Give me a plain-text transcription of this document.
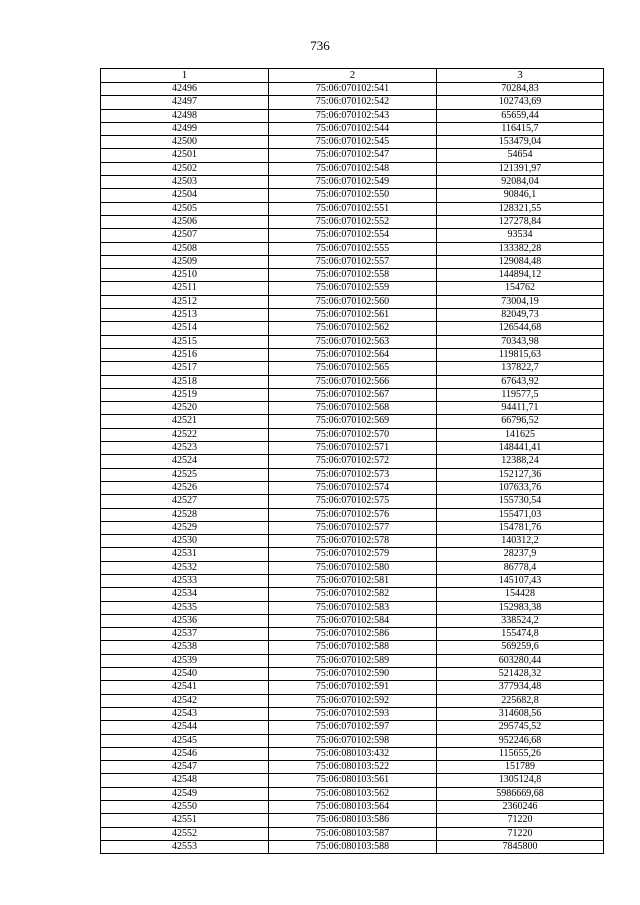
736
1	2	3
42496	75:06:070102:541	70284,83
42497	75:06:070102:542	102743,69
42498	75:06:070102:543	65659,44
42499	75:06:070102:544	116415,7
42500	75:06:070102:545	153479,04
42501	75:06:070102:547	54654
42502	75:06:070102:548	121391,97
42503	75:06:070102:549	92084,04
42504	75:06:070102:550	90846,1
42505	75:06:070102:551	128321,55
42506	75:06:070102:552	127278,84
42507	75:06:070102:554	93534
42508	75:06:070102:555	133382,28
42509	75:06:070102:557	129084,48
42510	75:06:070102:558	144894,12
42511	75:06:070102:559	154762
42512	75:06:070102:560	73004,19
42513	75:06:070102:561	82049,73
42514	75:06:070102:562	126544,68
42515	75:06:070102:563	70343,98
42516	75:06:070102:564	119815,63
42517	75:06:070102:565	137822,7
42518	75:06:070102:566	67643,92
42519	75:06:070102:567	119577,5
42520	75:06:070102:568	94411,71
42521	75:06:070102:569	66796,52
42522	75:06:070102:570	141625
42523	75:06:070102:571	148441,41
42524	75:06:070102:572	12388,24
42525	75:06:070102:573	152127,36
42526	75:06:070102:574	107633,76
42527	75:06:070102:575	155730,54
42528	75:06:070102:576	155471,03
42529	75:06:070102:577	154781,76
42530	75:06:070102:578	140312,2
42531	75:06:070102:579	28237,9
42532	75:06:070102:580	86778,4
42533	75:06:070102:581	145107,43
42534	75:06:070102:582	154428
42535	75:06:070102:583	152983,38
42536	75:06:070102:584	338524,2
42537	75:06:070102:586	155474,8
42538	75:06:070102:588	569259,6
42539	75:06:070102:589	603280,44
42540	75:06:070102:590	521428,32
42541	75:06:070102:591	377934,48
42542	75:06:070102:592	225682,8
42543	75:06:070102:593	314608,56
42544	75:06:070102:597	295745,52
42545	75:06:070102:598	952246,68
42546	75:06:080103:432	115655,26
42547	75:06:080103:522	151789
42548	75:06:080103:561	1305124,8
42549	75:06:080103:562	5986669,68
42550	75:06:080103:564	2360246
42551	75:06:080103:586	71220
42552	75:06:080103:587	71220
42553	75:06:080103:588	7845800
